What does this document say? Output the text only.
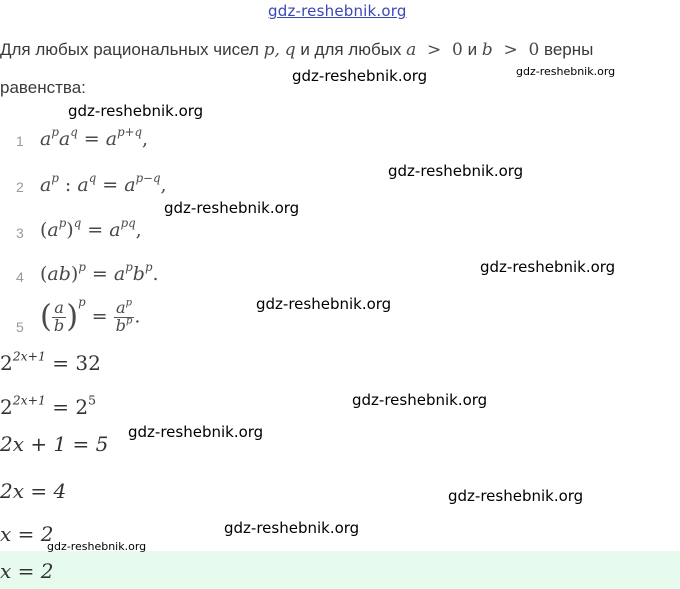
gdz-reshebnik.org
Для любых рациональных чисел p, q и для любых a > 0 и b > 0 верны
равенства:
1 $a^pa^q = a^{p+q}$,
2 $a^p$ : $a^q = a^{p-q}$,
3 $(a^p)^q = a^{pq}$,
4 $(ab)^p = a^pb^p$.
5 ( $\frac{a}{b} )^p = \frac{a^p}{b^p}$ .
$2^{2x+1} = 32$
$2^{2x+1} = 2^5$
2x + 1 = 5
2x = 4
x = 2
x = 2
gdz-reshebnik.org	gdz-reshebnik.org
gdz-reshebnik.org
gdz-reshebnik.org
gdz-reshebnik.org
gdz-reshebnik.org
gdz-reshebnik.org
gdz-reshebnik.org
gdz-reshebnik.org
gdz-reshebnik.org
gdz-reshebnik.org
gdz-reshebnik.org
